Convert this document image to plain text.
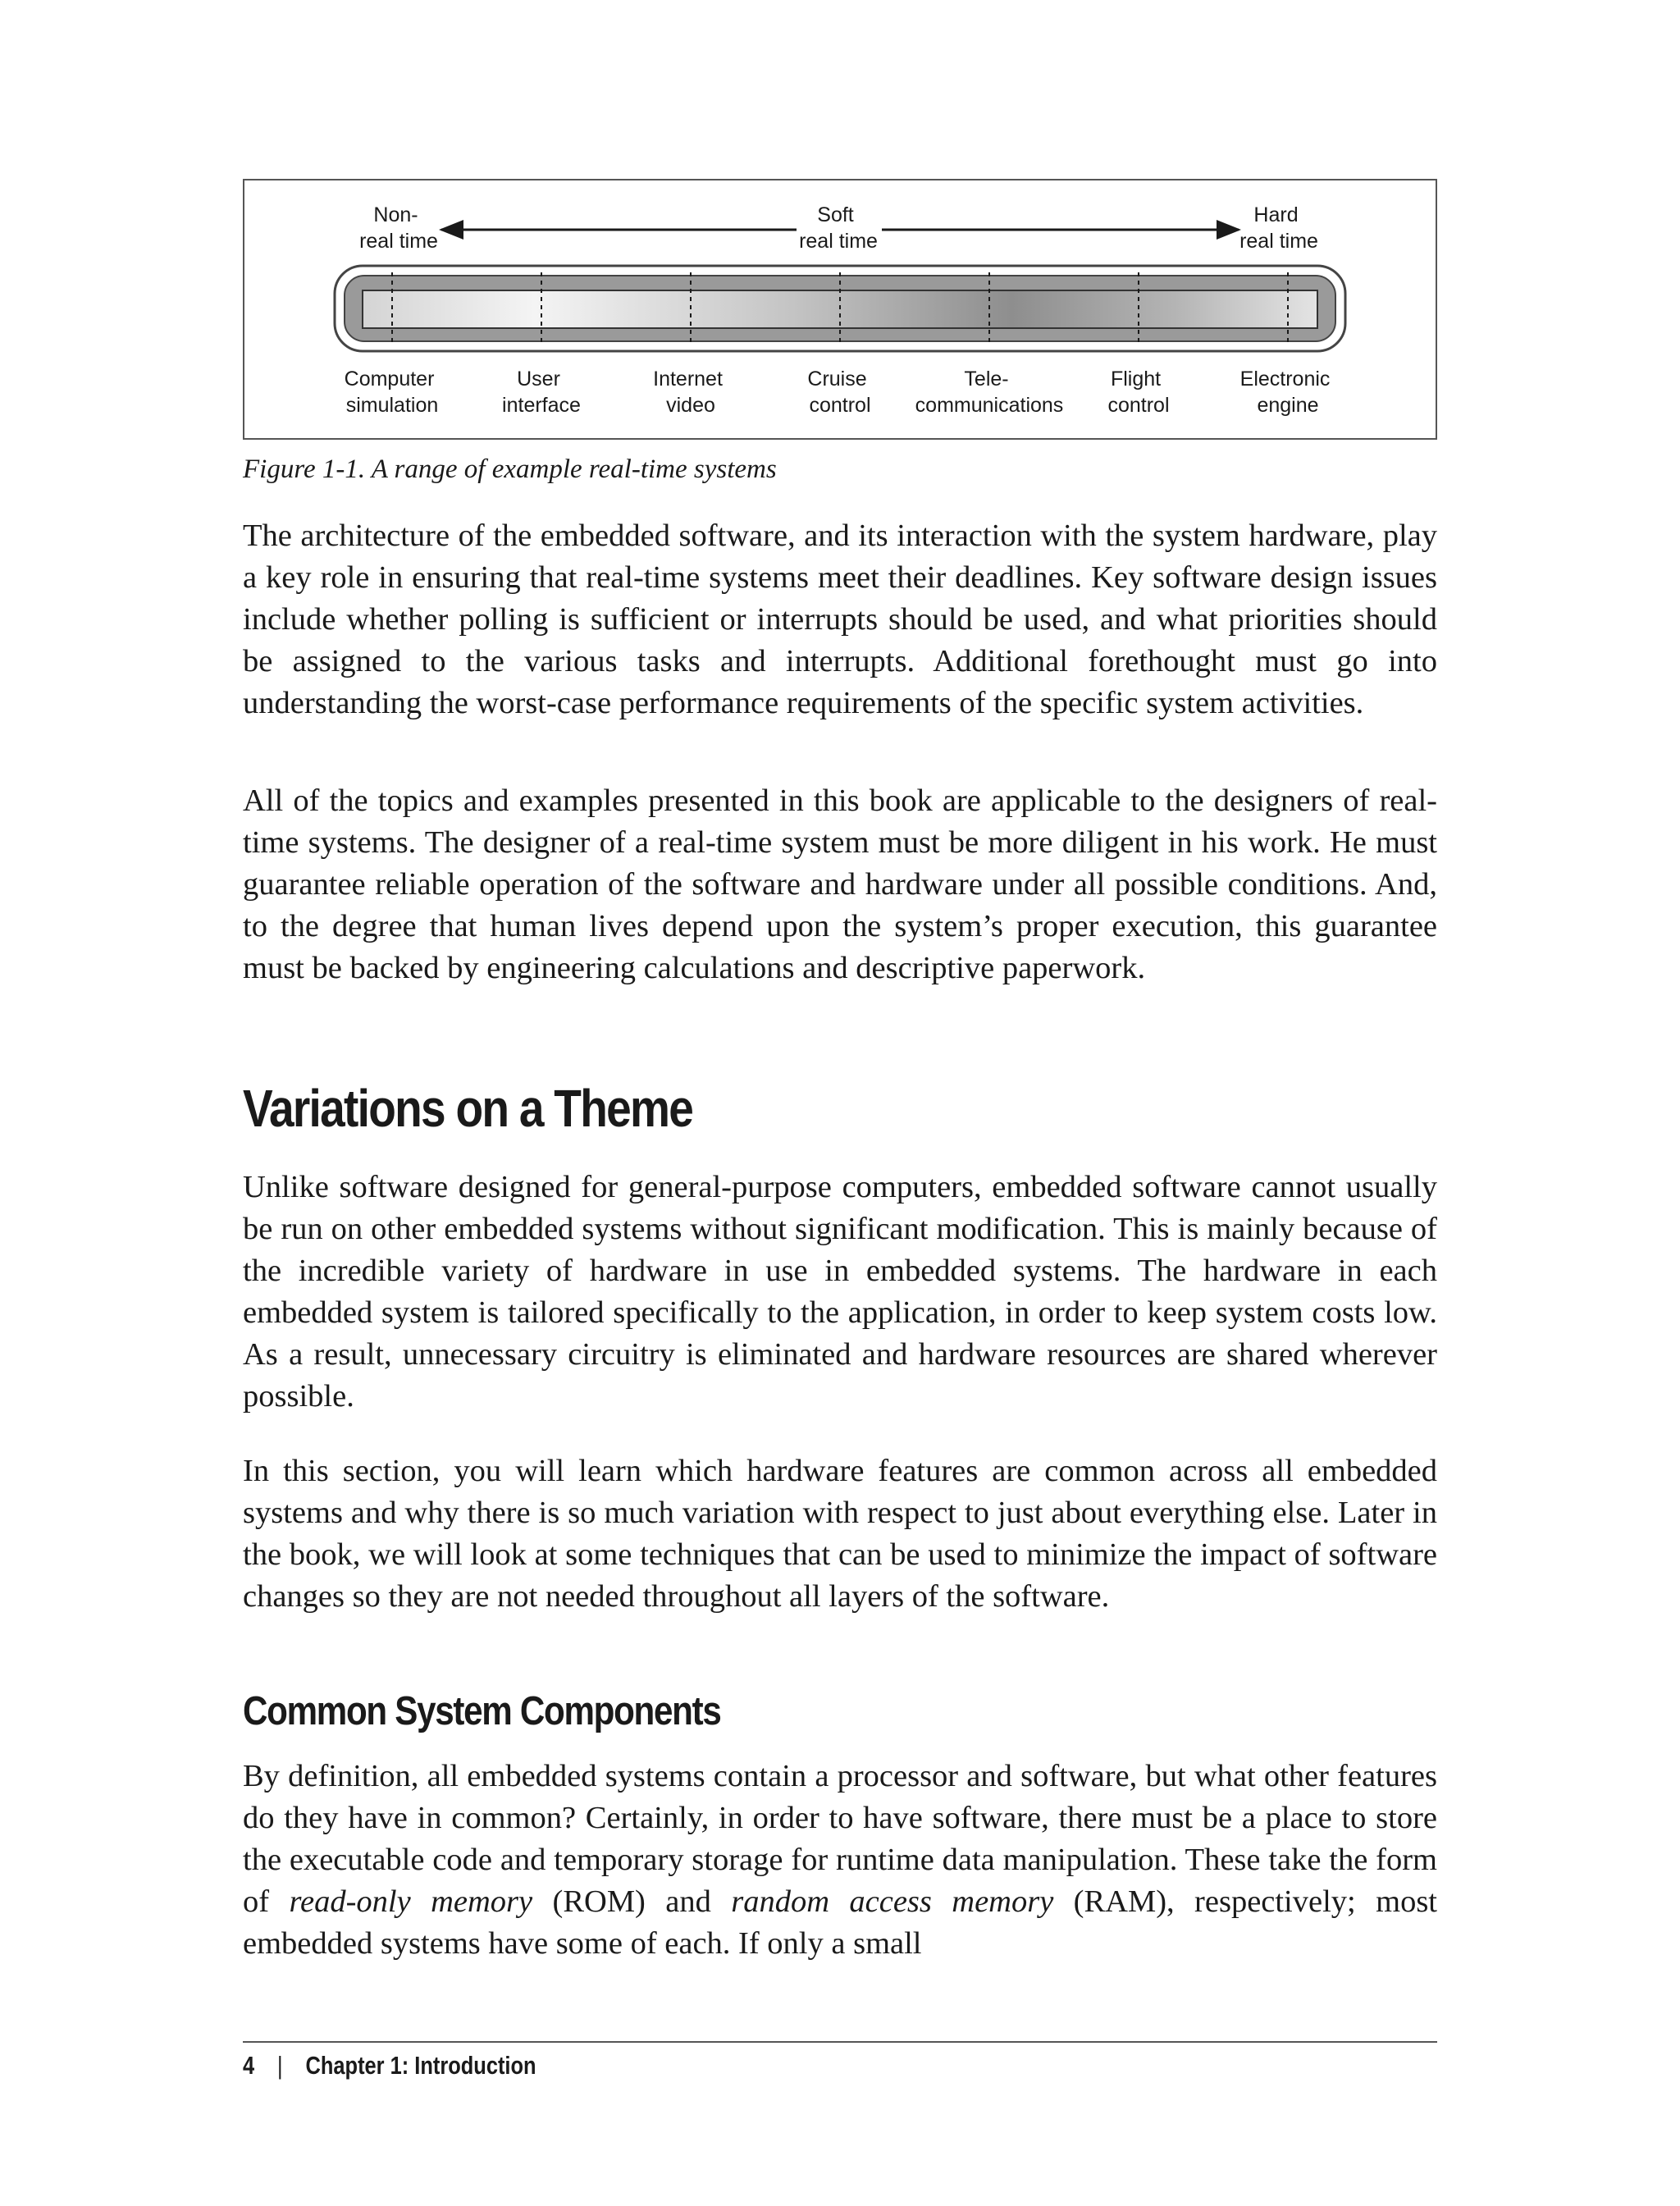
Non- real time
Soft real time
Hard real time
Computer simulation
User interface
Internet video
Cruise control
Tele- communications
Flight control
Electronic engine
Figure 1-1. A range of example real-time systems

The architecture of the embedded software, and its interaction with the system hardware, play a key role in ensuring that real-time systems meet their deadlines. Key software design issues include whether polling is sufficient or interrupts should be used, and what priorities should be assigned to the various tasks and interrupts. Additional forethought must go into understanding the worst-case performance requirements of the specific system activities.

All of the topics and examples presented in this book are applicable to the designers of real-time systems. The designer of a real-time system must be more diligent in his work. He must guarantee reliable operation of the software and hardware under all possible conditions. And, to the degree that human lives depend upon the system’s proper execution, this guarantee must be backed by engineering calculations and descriptive paperwork.

Variations on a Theme

Unlike software designed for general-purpose computers, embedded software cannot usually be run on other embedded systems without significant modification. This is mainly because of the incredible variety of hardware in use in embedded systems. The hardware in each embedded system is tailored specifically to the application, in order to keep system costs low. As a result, unnecessary circuitry is eliminated and hardware resources are shared wherever possible.

In this section, you will learn which hardware features are common across all embedded systems and why there is so much variation with respect to just about everything else. Later in the book, we will look at some techniques that can be used to minimize the impact of software changes so they are not needed throughout all layers of the software.

Common System Components

By definition, all embedded systems contain a processor and software, but what other features do they have in common? Certainly, in order to have software, there must be a place to store the executable code and temporary storage for runtime data manipulation. These take the form of read-only memory (ROM) and random access memory (RAM), respectively; most embedded systems have some of each. If only a small

4 | Chapter 1: Introduction
